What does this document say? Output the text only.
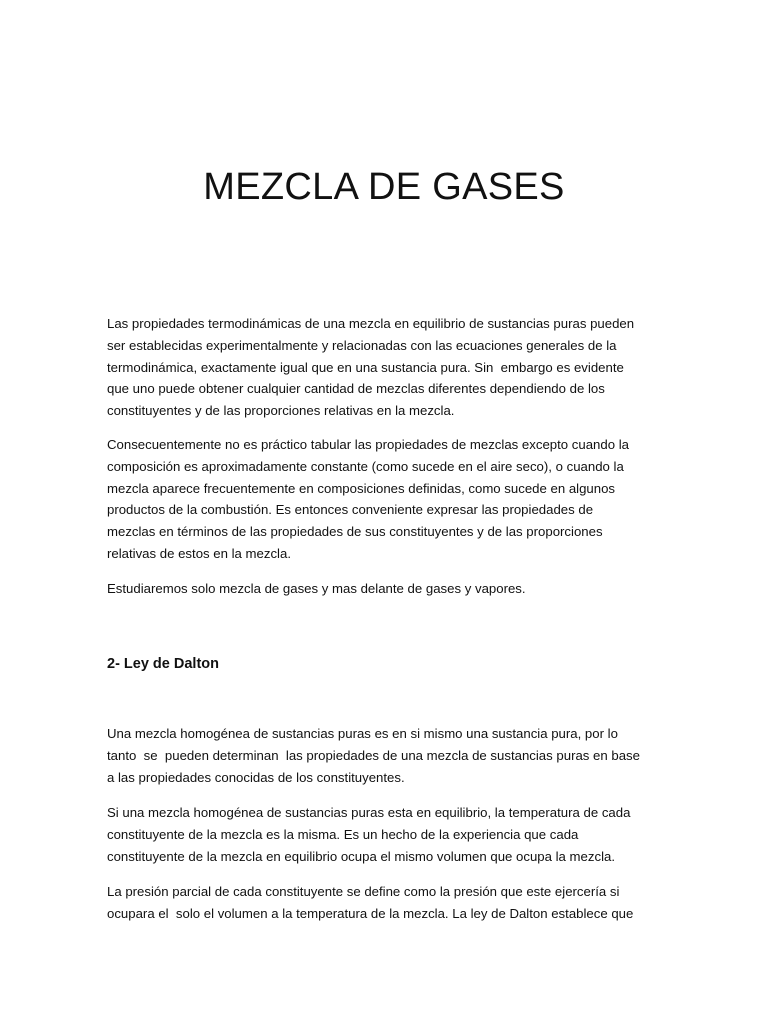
MEZCLA DE GASES
Las propiedades termodinámicas de una mezcla en equilibrio de sustancias puras pueden
ser establecidas experimentalmente y relacionadas con las ecuaciones generales de la
termodinámica, exactamente igual que en una sustancia pura. Sin  embargo es evidente
que uno puede obtener cualquier cantidad de mezclas diferentes dependiendo de los
constituyentes y de las proporciones relativas en la mezcla.
Consecuentemente no es práctico tabular las propiedades de mezclas excepto cuando la
composición es aproximadamente constante (como sucede en el aire seco), o cuando la
mezcla aparece frecuentemente en composiciones definidas, como sucede en algunos
productos de la combustión. Es entonces conveniente expresar las propiedades de
mezclas en términos de las propiedades de sus constituyentes y de las proporciones
relativas de estos en la mezcla.
Estudiaremos solo mezcla de gases y mas delante de gases y vapores.
2- Ley de Dalton
Una mezcla homogénea de sustancias puras es en si mismo una sustancia pura, por lo
tanto  se  pueden determinan  las propiedades de una mezcla de sustancias puras en base
a las propiedades conocidas de los constituyentes.
Si una mezcla homogénea de sustancias puras esta en equilibrio, la temperatura de cada
constituyente de la mezcla es la misma. Es un hecho de la experiencia que cada
constituyente de la mezcla en equilibrio ocupa el mismo volumen que ocupa la mezcla.
La presión parcial de cada constituyente se define como la presión que este ejercería si
ocupara el  solo el volumen a la temperatura de la mezcla. La ley de Dalton establece que
